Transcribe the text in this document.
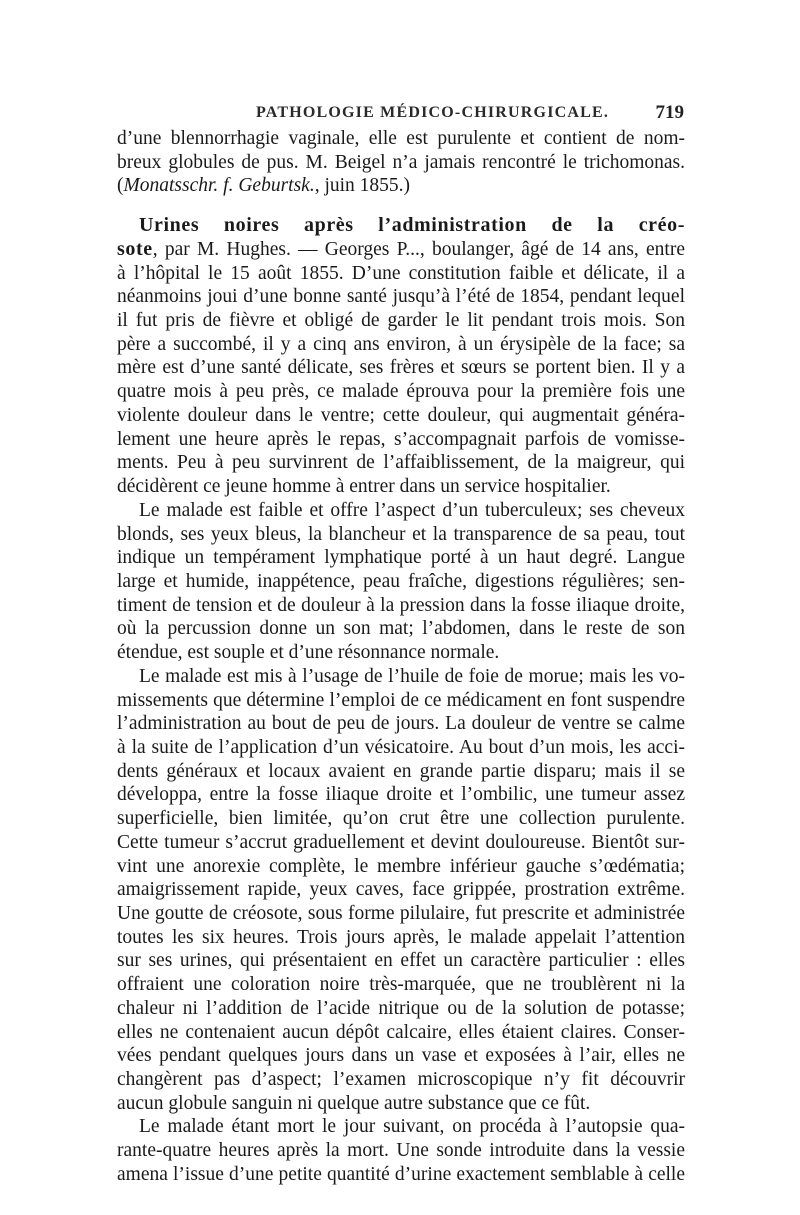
PATHOLOGIE MÉDICO-CHIRURGICALE. 719
d’une blennorrhagie vaginale, elle est purulente et contient de nom-
breux globules de pus. M. Beigel n’a jamais rencontré le trichomonas.
(Monatsschr. f. Geburtsk., juin 1855.)
Urines noires après l’administration de la créo-
sote, par M. Hughes. — Georges P..., boulanger, âgé de 14 ans, entre
à l’hôpital le 15 août 1855. D’une constitution faible et délicate, il a
néanmoins joui d’une bonne santé jusqu’à l’été de 1854, pendant lequel
il fut pris de fièvre et obligé de garder le lit pendant trois mois. Son
père a succombé, il y a cinq ans environ, à un érysipèle de la face; sa
mère est d’une santé délicate, ses frères et sœurs se portent bien. Il y a
quatre mois à peu près, ce malade éprouva pour la première fois une
violente douleur dans le ventre; cette douleur, qui augmentait généra-
lement une heure après le repas, s’accompagnait parfois de vomisse-
ments. Peu à peu survinrent de l’affaiblissement, de la maigreur, qui
décidèrent ce jeune homme à entrer dans un service hospitalier.
Le malade est faible et offre l’aspect d’un tuberculeux; ses cheveux
blonds, ses yeux bleus, la blancheur et la transparence de sa peau, tout
indique un tempérament lymphatique porté à un haut degré. Langue
large et humide, inappétence, peau fraîche, digestions régulières; sen-
timent de tension et de douleur à la pression dans la fosse iliaque droite,
où la percussion donne un son mat; l’abdomen, dans le reste de son
étendue, est souple et d’une résonnance normale.
Le malade est mis à l’usage de l’huile de foie de morue; mais les vo-
missements que détermine l’emploi de ce médicament en font suspendre
l’administration au bout de peu de jours. La douleur de ventre se calme
à la suite de l’application d’un vésicatoire. Au bout d’un mois, les acci-
dents généraux et locaux avaient en grande partie disparu; mais il se
développa, entre la fosse iliaque droite et l’ombilic, une tumeur assez
superficielle, bien limitée, qu’on crut être une collection purulente.
Cette tumeur s’accrut graduellement et devint douloureuse. Bientôt sur-
vint une anorexie complète, le membre inférieur gauche s’œdématia;
amaigrissement rapide, yeux caves, face grippée, prostration extrême.
Une goutte de créosote, sous forme pilulaire, fut prescrite et administrée
toutes les six heures. Trois jours après, le malade appelait l’attention
sur ses urines, qui présentaient en effet un caractère particulier : elles
offraient une coloration noire très-marquée, que ne troublèrent ni la
chaleur ni l’addition de l’acide nitrique ou de la solution de potasse;
elles ne contenaient aucun dépôt calcaire, elles étaient claires. Conser-
vées pendant quelques jours dans un vase et exposées à l’air, elles ne
changèrent pas d’aspect; l’examen microscopique n’y fit découvrir
aucun globule sanguin ni quelque autre substance que ce fût.
Le malade étant mort le jour suivant, on procéda à l’autopsie qua-
rante-quatre heures après la mort. Une sonde introduite dans la vessie
amena l’issue d’une petite quantité d’urine exactement semblable à celle
